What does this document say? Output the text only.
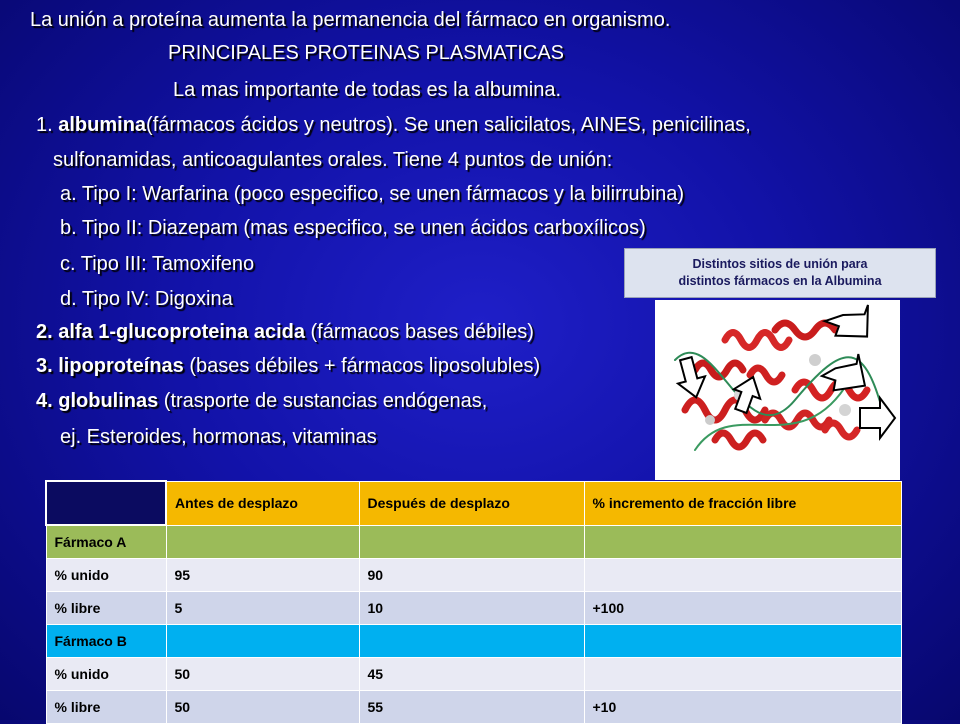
La unión a proteína aumenta la permanencia del fármaco en organismo.
PRINCIPALES PROTEINAS PLASMATICAS
La mas importante de todas es la albumina.
1. albumina(fármacos ácidos y neutros). Se unen salicilatos, AINES, penicilinas,
sulfonamidas, anticoagulantes orales. Tiene 4 puntos de unión:
a. Tipo I: Warfarina (poco especifico, se unen fármacos y la bilirrubina)
b. Tipo II: Diazepam (mas especifico, se unen ácidos carboxílicos)
c. Tipo III: Tamoxifeno
d. Tipo IV: Digoxina
2. alfa 1-glucoproteina acida (fármacos bases débiles)
3. lipoproteínas (bases débiles + fármacos liposolubles)
4. globulinas (trasporte de sustancias endógenas,
ej. Esteroides, hormonas, vitaminas
Distintos sitios de unión para
distintos fármacos en la Albumina
	Antes de desplazo	Después de desplazo	% incremento de fracción libre
Fármaco A			
% unido	95	90	
% libre	5	10	+100
Fármaco B			
% unido	50	45	
% libre	50	55	+10
